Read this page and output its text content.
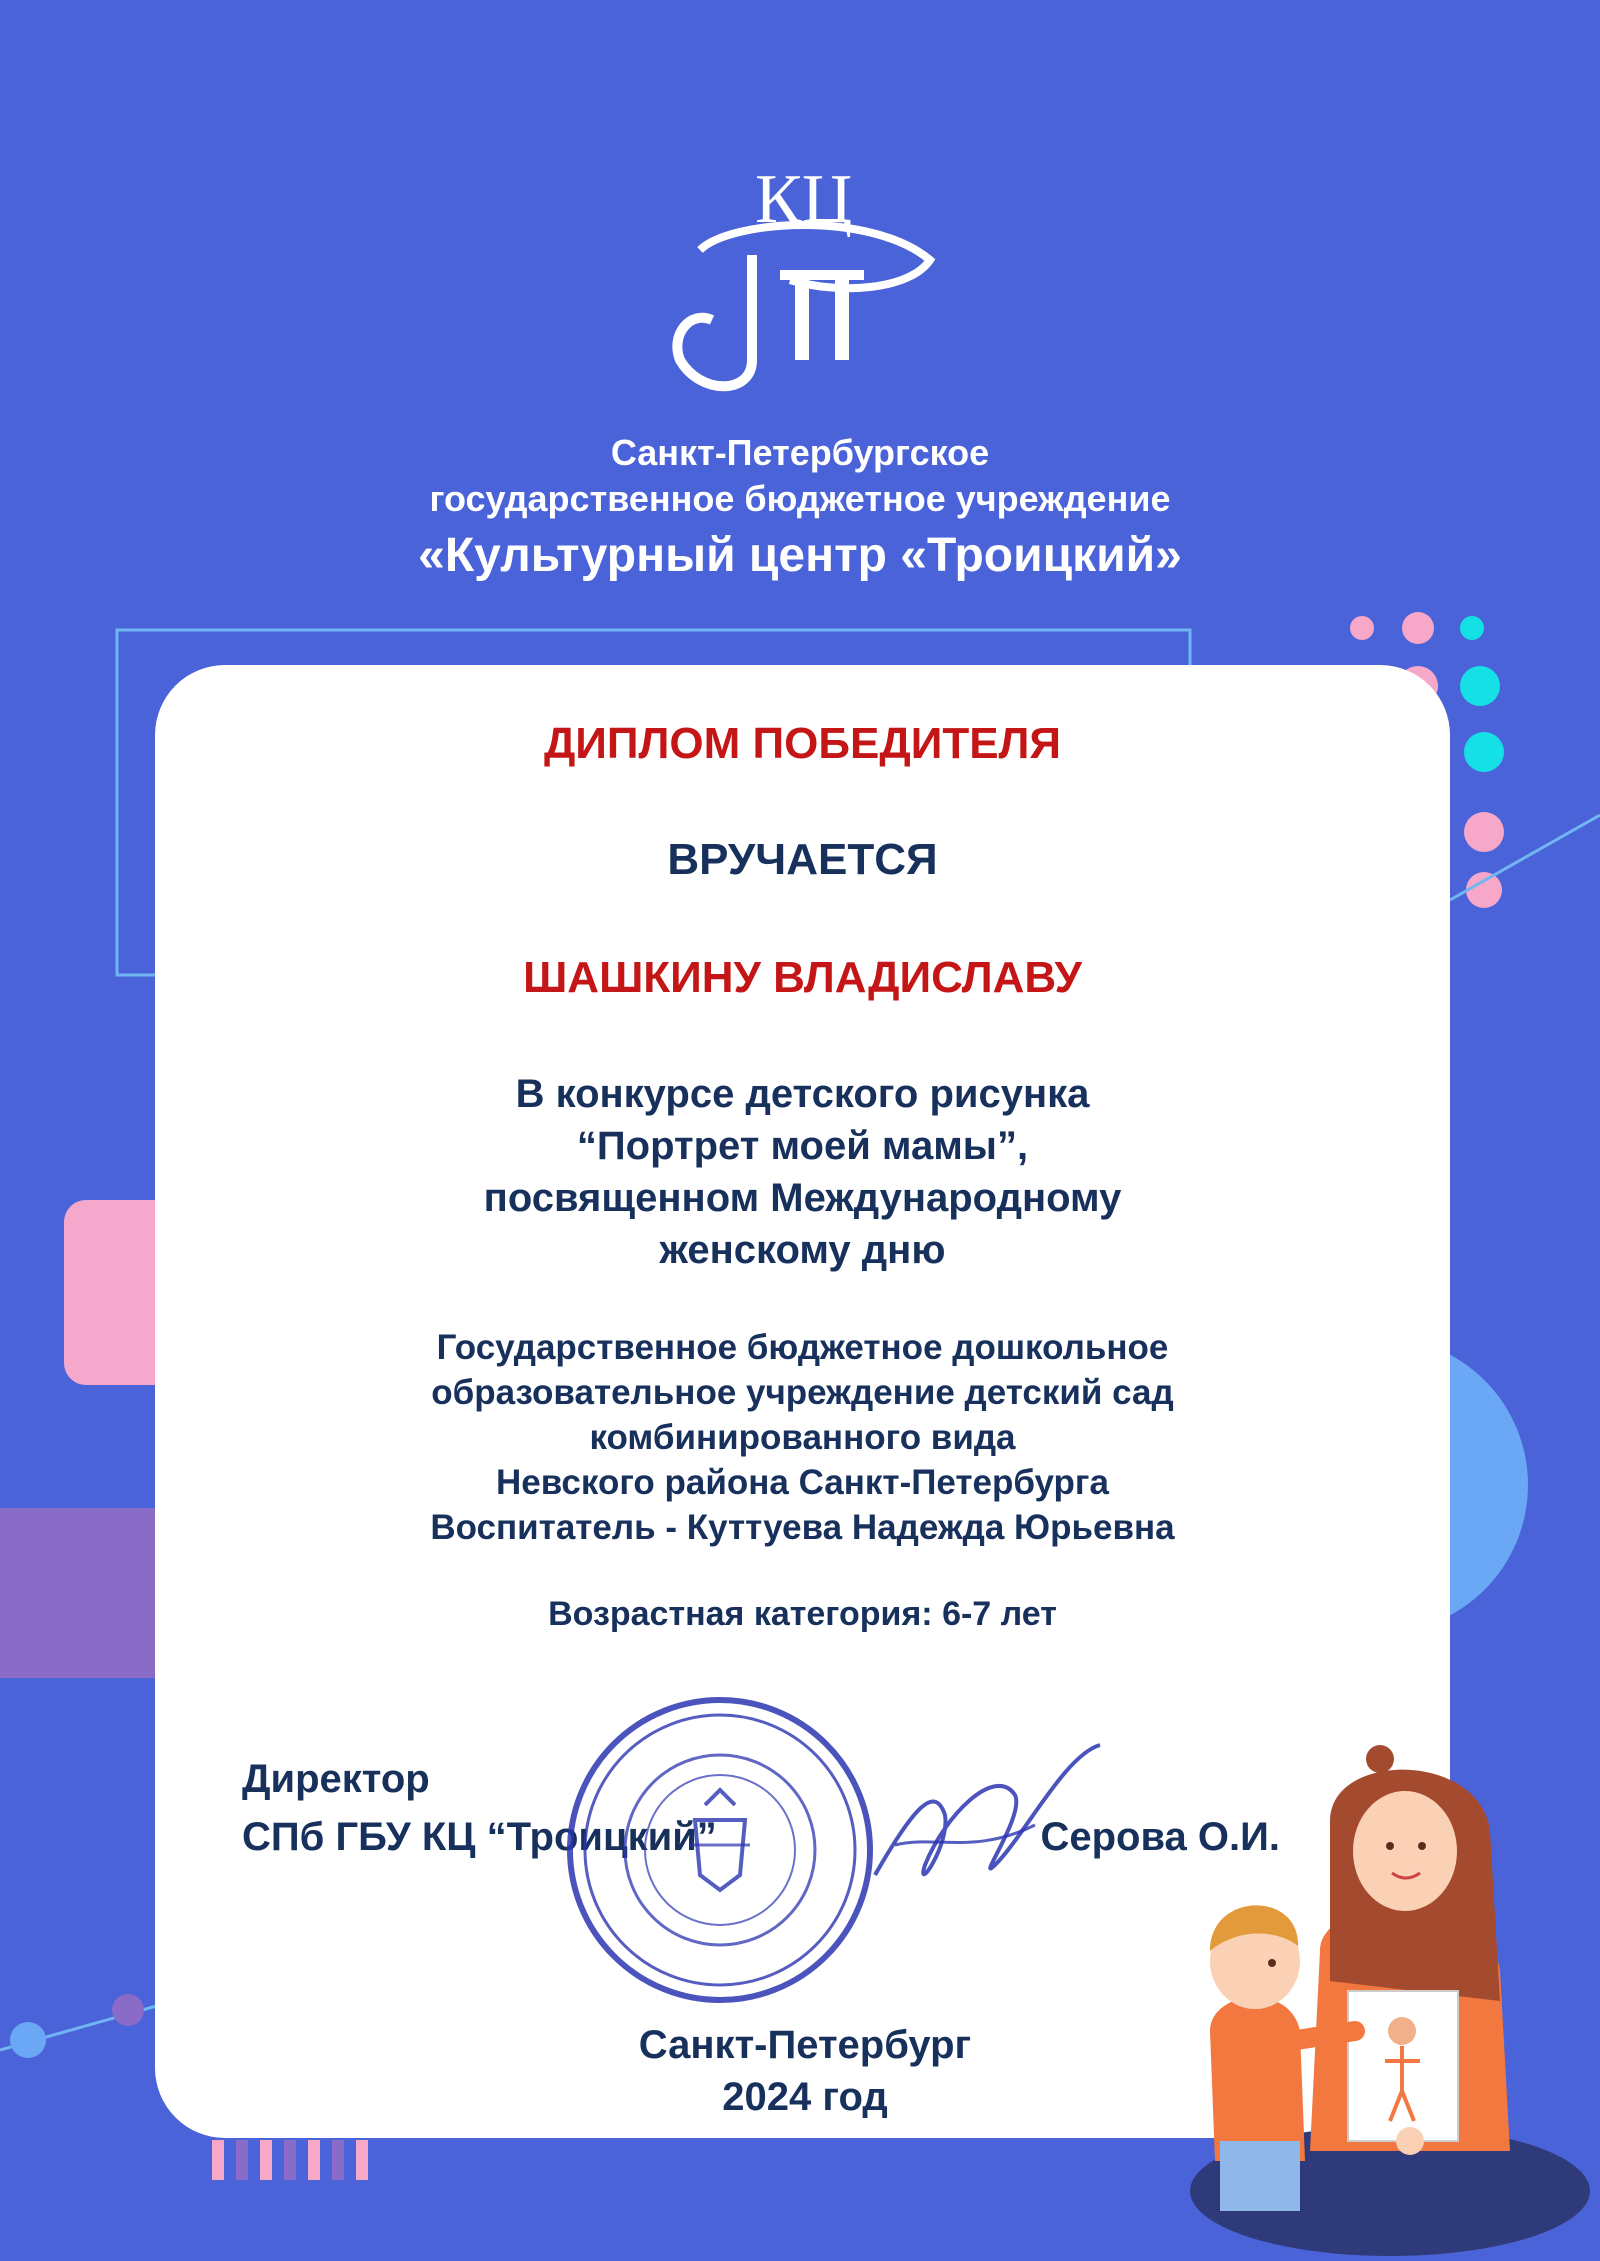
КЦ
Санкт-Петербургское
государственное бюджетное учреждение
«Культурный центр «Троицкий»
ДИПЛОМ ПОБЕДИТЕЛЯ
ВРУЧАЕТСЯ
ШАШКИНУ ВЛАДИСЛАВУ
В конкурсе детского рисунка
“Портрет моей мамы”,
посвященном Международному
женскому дню
Государственное бюджетное дошкольное
образовательное учреждение детский сад
комбинированного вида
Невского района Санкт-Петербурга
Воспитатель - Куттуева Надежда Юрьевна
Возрастная категория: 6-7 лет
Директор
СПб ГБУ КЦ “Троицкий”	Серова О.И.
Санкт-Петербург
2024 год
